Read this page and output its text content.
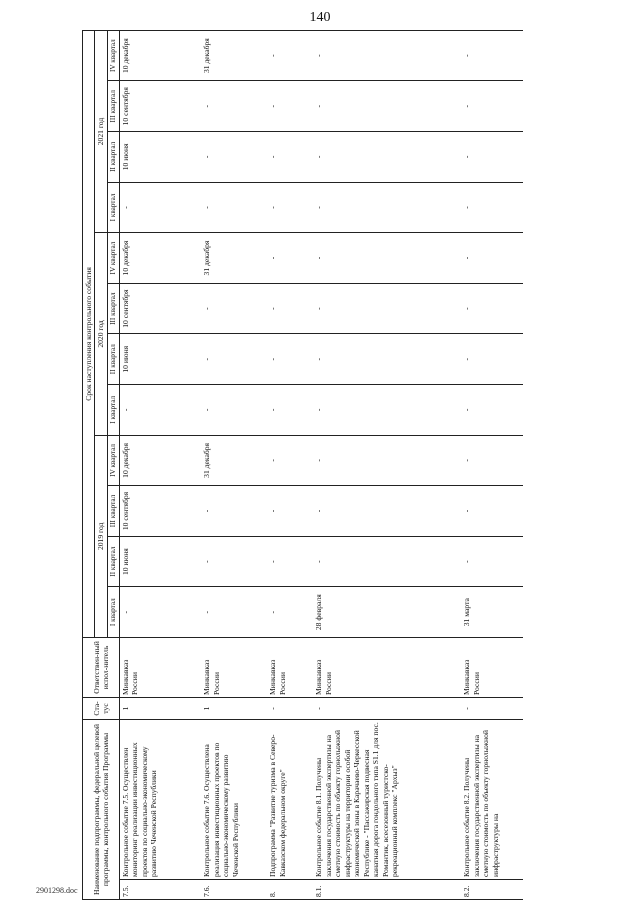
140
Наименование подпрограммы, федеральной целевой программы, контрольного события Программы		Ста-тус	Ответствен-ный испол-нитель	Срок наступления контрольного события											
				2019 год				2020 год				2021 год			
				I квартал	II квартал	III квартал	IV квартал	I квартал	II квартал	III квартал	IV квартал	I квартал	II квартал	III квартал	IV квартал
7.5.	Контрольное событие 7.5. Осуществлен мониторинг реализации инвестиционных проектов по социально-экономическому развитию Чеченской Республики	1	Минкавказ России	-	10 июня	10 сентября	10 декабря	-	10 июня	10 сентября	10 декабря	-	10 июня	10 сентября	10 декабря
7.6.	Контрольное событие 7.6. Осуществлена реализация инвестиционных проектов по социально-экономическому развитию Чеченской Республики	1	Минкавказ России	-	-	-	31 декабря	-	-	-	31 декабря	-	-	-	31 декабря
8.	Подпрограмма "Развитие туризма в Северо-Кавказском федеральном округе"	-	Минкавказ России	-	-	-	-	-	-	-	-	-	-	-	-
8.1.	Контрольное событие 8.1. Получены заключения государственной экспертизы на сметную стоимость по объекту горнолыжной инфраструктуры на территории особой экономической зоны в Карачаево-Черкесской Республике - "Пассажирская подвесная канатная дорога гондольного типа S1.1 для пос. Романтик, всесезонный туристско-рекреационный комплекс "Архыз"	-	Минкавказ России	28 февраля	-	-	-	-	-	-	-	-	-	-	-
8.2.	Контрольное событие 8.2. Получены заключения государственной экспертизы на сметную стоимость по объекту горнолыжной инфраструктуры на	-	Минкавказ России	31 марта	-	-	-	-	-	-	-	-	-	-	-
2901298.doc
